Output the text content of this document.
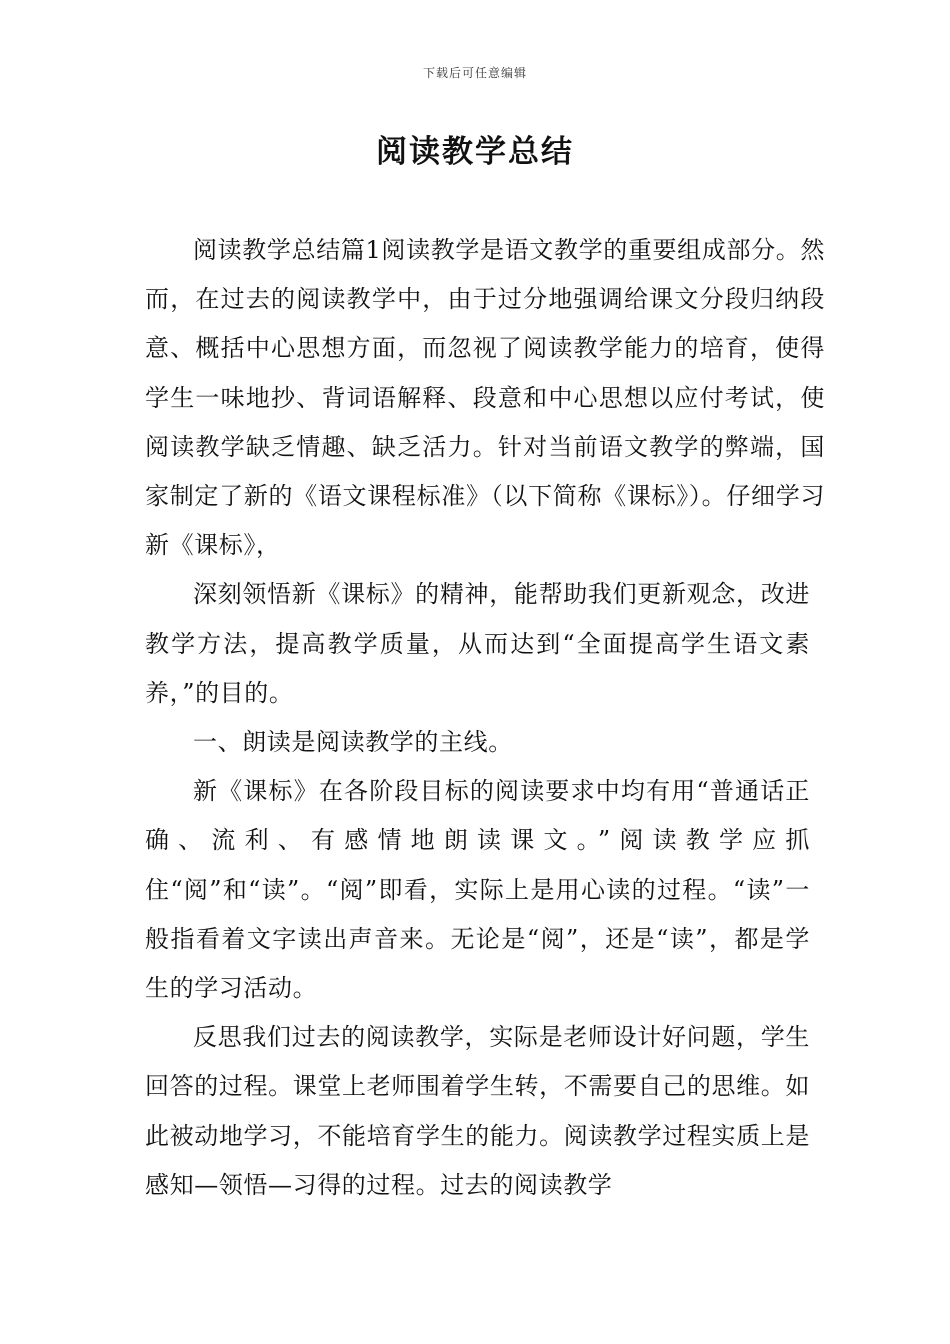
下载后可任意编辑
阅读教学总结

阅读教学总结篇1阅读教学是语文教学的重要组成部分。然而，在过去的阅读教学中，由于过分地强调给课文分段归纳段意、概括中心思想方面，而忽视了阅读教学能力的培育，使得学生一味地抄、背词语解释、段意和中心思想以应付考试，使阅读教学缺乏情趣、缺乏活力。针对当前语文教学的弊端，国家制定了新的《语文课程标准》（以下简称《课标》）。仔细学习新《课标》，

深刻领悟新《课标》的精神，能帮助我们更新观念，改进教学方法，提高教学质量，从而达到“全面提高学生语文素养，”的目的。

一、朗读是阅读教学的主线。

新《课标》在各阶段目标的阅读要求中均有用“普通话正确、流利、有感情地朗读课文。”阅读教学应抓住“阅”和“读”。“阅”即看，实际上是用心读的过程。“读”一般指看着文字读出声音来。无论是“阅”，还是“读”，都是学生的学习活动。

反思我们过去的阅读教学，实际是老师设计好问题，学生回答的过程。课堂上老师围着学生转，不需要自己的思维。如此被动地学习，不能培育学生的能力。阅读教学过程实质上是感知—领悟—习得的过程。过去的阅读教学
